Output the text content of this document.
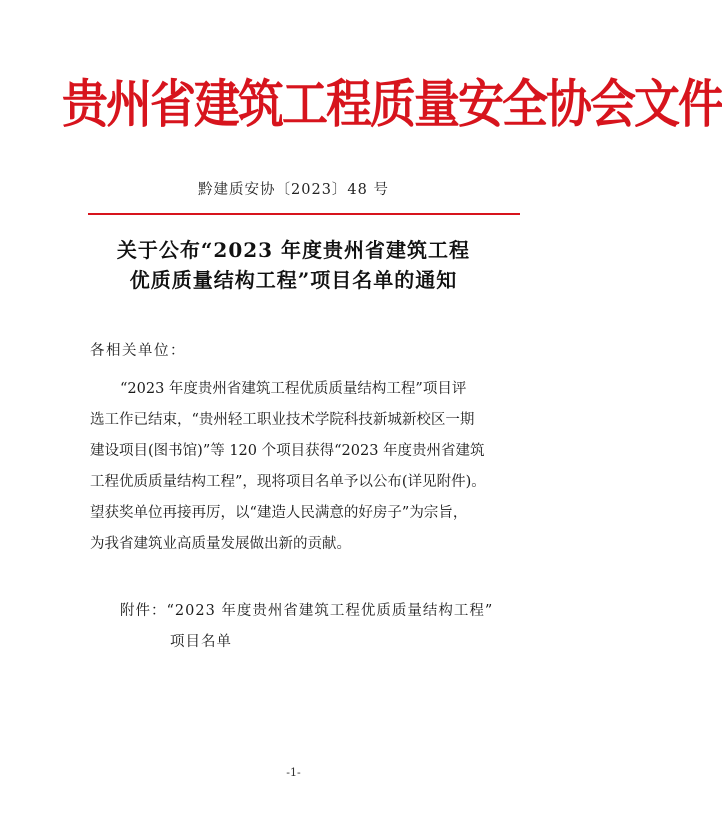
贵州省建筑工程质量安全协会文件
黔建质安协〔2023〕48 号
关于公布“2023 年度贵州省建筑工程
优质质量结构工程”项目名单的通知
各相关单位：
“2023 年度贵州省建筑工程优质质量结构工程”项目评
选工作已结束，“贵州轻工职业技术学院科技新城新校区一期
建设项目(图书馆)”等 120 个项目获得“2023 年度贵州省建筑
工程优质质量结构工程”，现将项目名单予以公布(详见附件)。
望获奖单位再接再厉，以“建造人民满意的好房子”为宗旨，
为我省建筑业高质量发展做出新的贡献。
附件：“2023 年度贵州省建筑工程优质质量结构工程”
项目名单
-1-
